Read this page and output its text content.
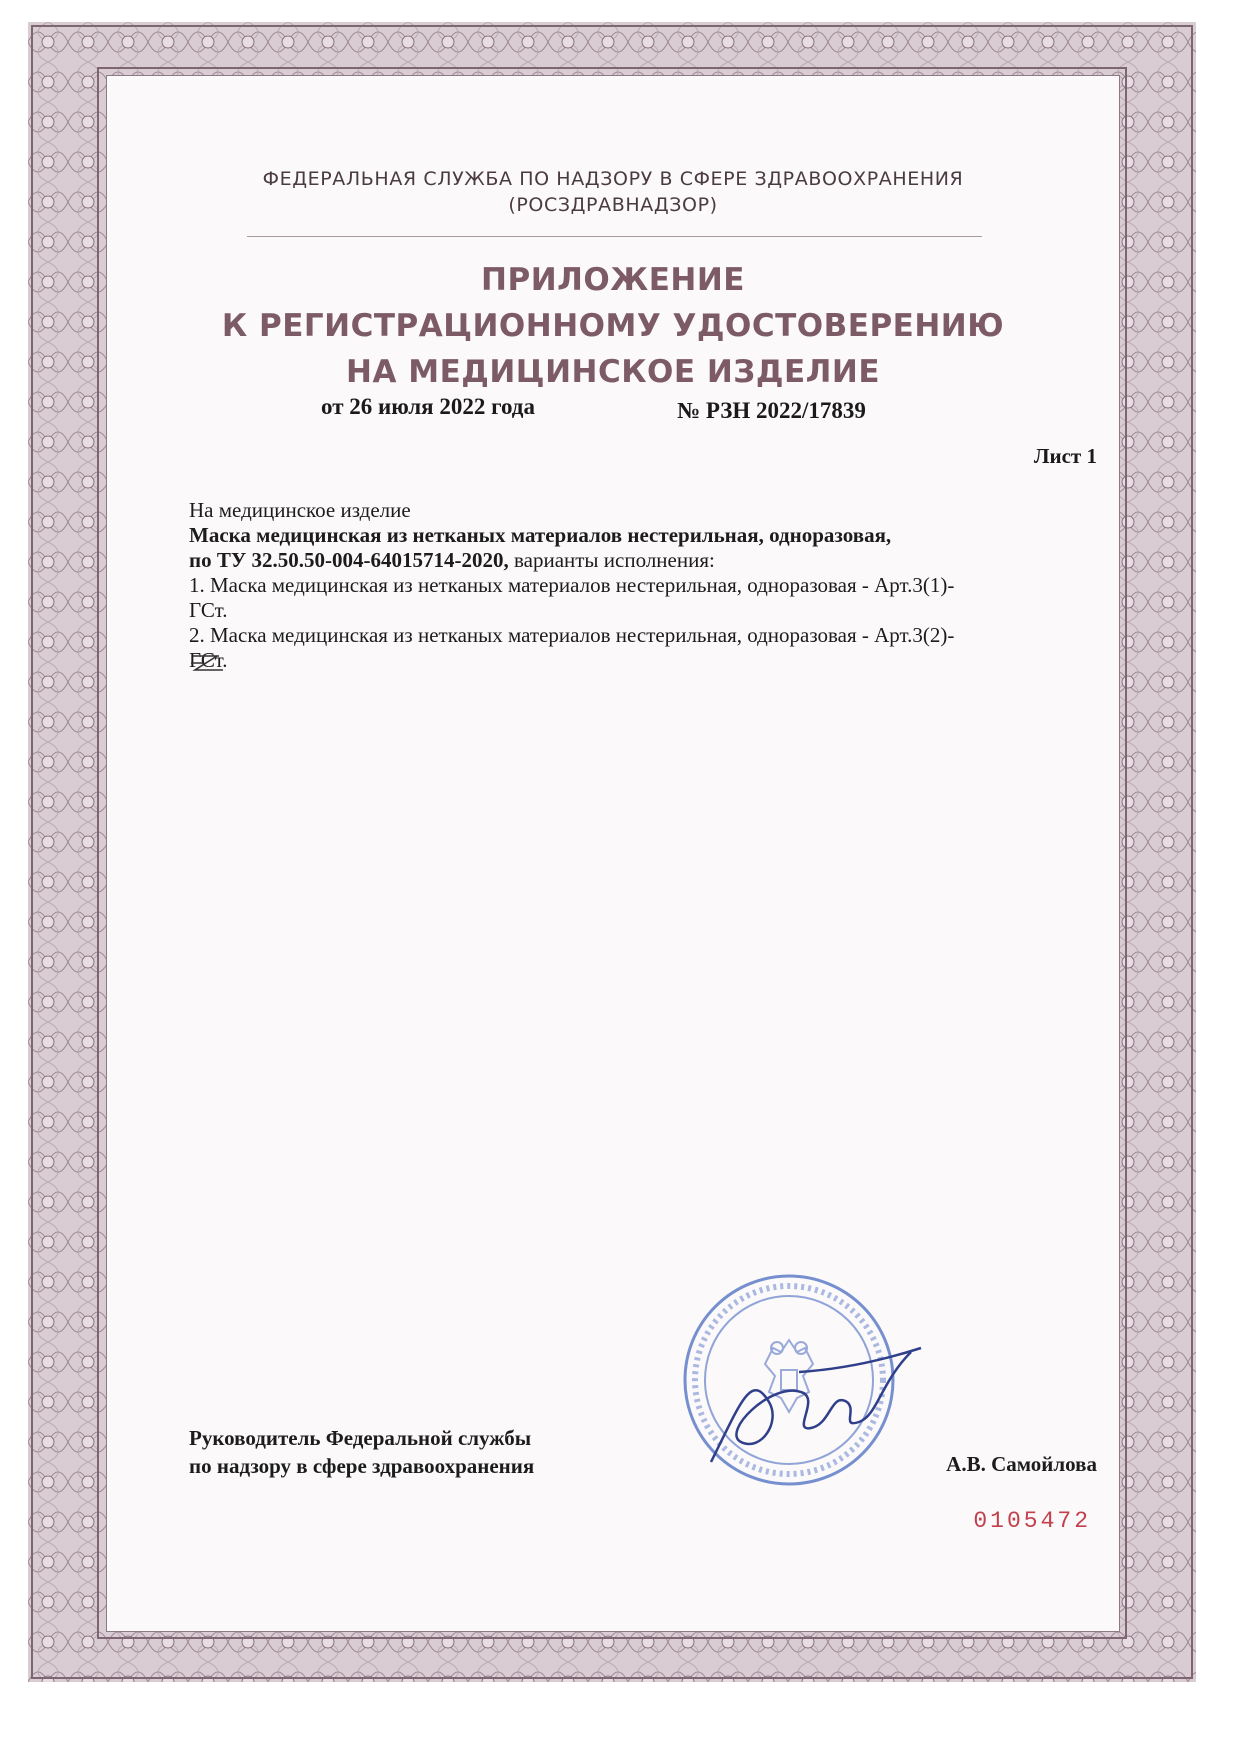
ФЕДЕРАЛЬНАЯ СЛУЖБА ПО НАДЗОРУ В СФЕРЕ ЗДРАВООХРАНЕНИЯ
(РОСЗДРАВНАДЗОР)
ПРИЛОЖЕНИЕ
К РЕГИСТРАЦИОННОМУ УДОСТОВЕРЕНИЮ
НА МЕДИЦИНСКОЕ ИЗДЕЛИЕ
от 26 июля 2022 года	№ РЗН 2022/17839
Лист 1
На медицинское изделие
Маска медицинская из нетканых материалов нестерильная, одноразовая,
по ТУ 32.50.50-004-64015714-2020, варианты исполнения:
1. Маска медицинская из нетканых материалов нестерильная, одноразовая - Арт.3(1)-
ГСт.
2. Маска медицинская из нетканых материалов нестерильная, одноразовая - Арт.3(2)-
ГСт.
Руководитель Федеральной службы
по надзору в сфере здравоохранения	А.В. Самойлова
0105472
